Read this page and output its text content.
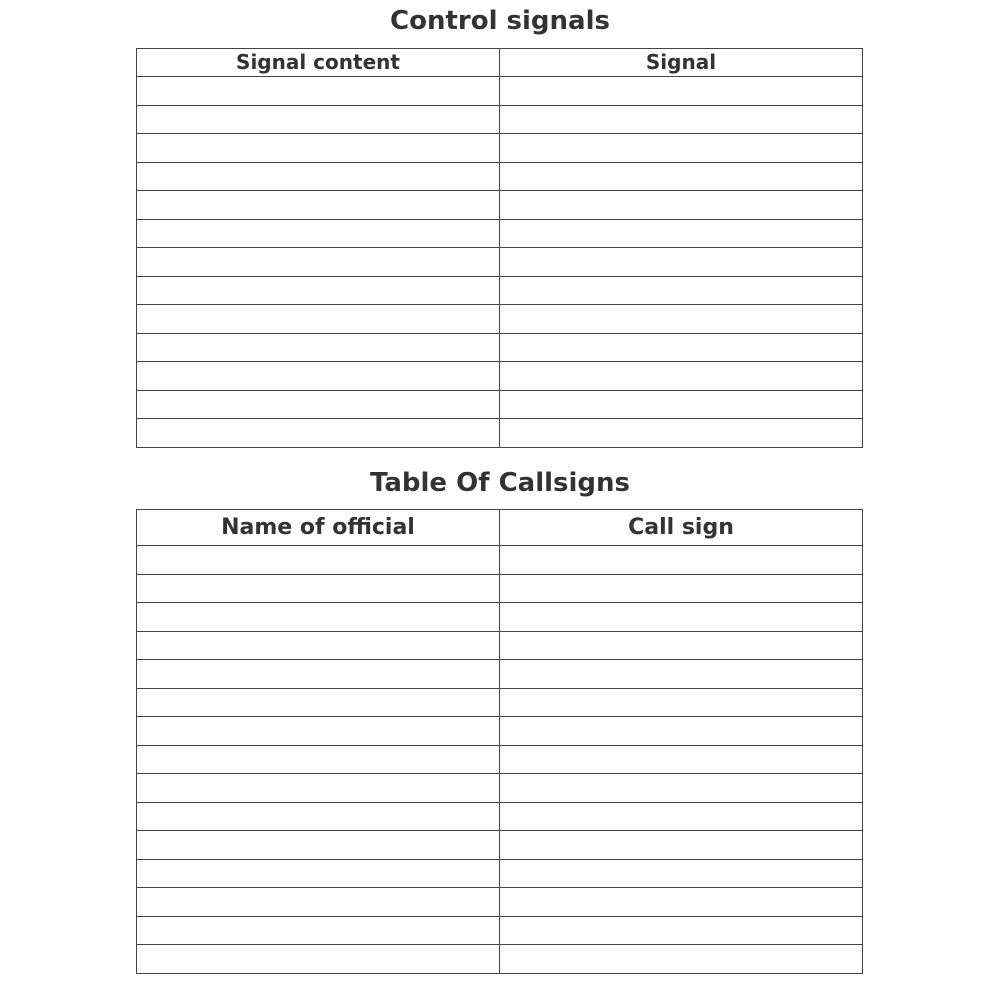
Control signals
Signal content	Signal

Table Of Callsigns
Name of official	Call sign
